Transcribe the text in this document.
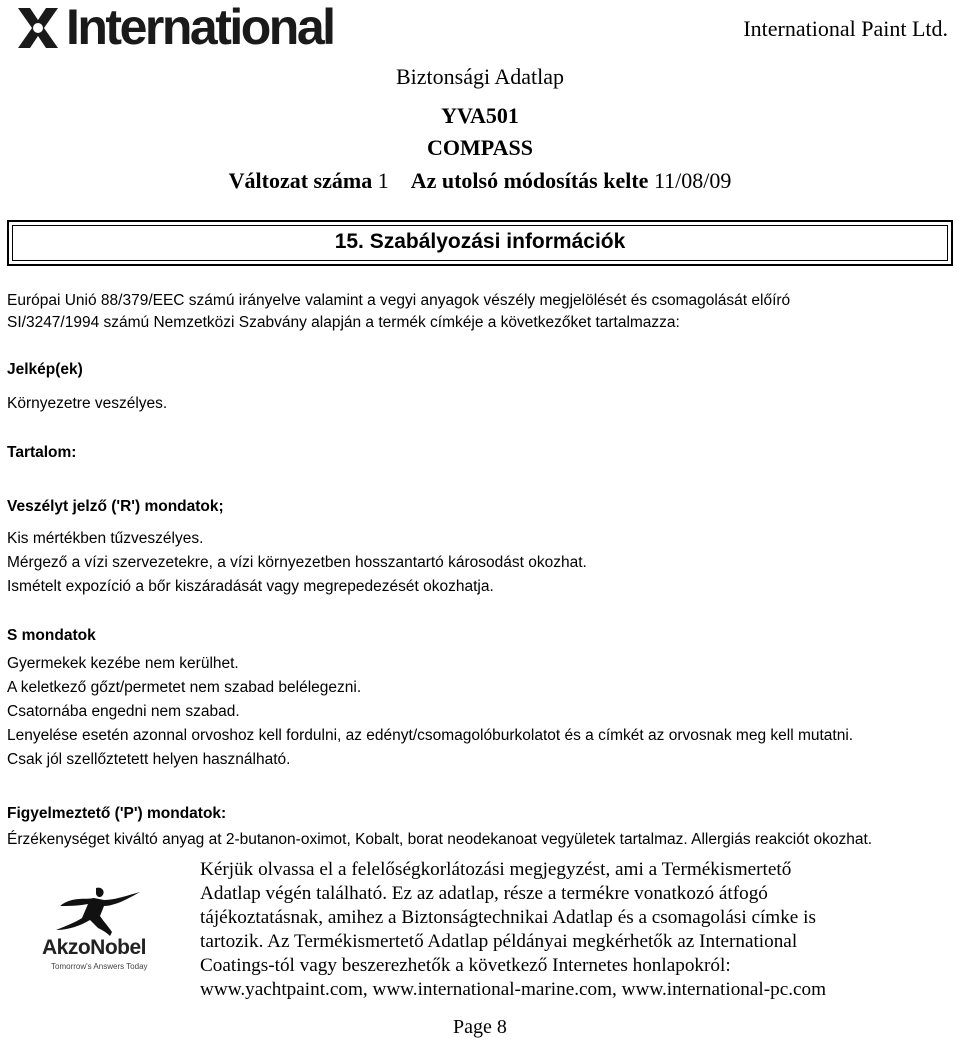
International	International Paint Ltd.
Biztonsági Adatlap
YVA501
COMPASS
Változat száma 1 Az utolsó módosítás kelte 11/08/09
15. Szabályozási információk
Európai Unió 88/379/EEC számú irányelve valamint a vegyi anyagok vészély megjelölését és csomagolását előíró
SI/3247/1994 számú Nemzetközi Szabvány alapján a termék címkéje a következőket tartalmazza:
Jelkép(ek)
Környezetre veszélyes.
Tartalom:
Veszélyt jelző ('R') mondatok;
Kis mértékben tűzveszélyes.
Mérgező a vízi szervezetekre, a vízi környezetben hosszantartó károsodást okozhat.
Ismételt expozíció a bőr kiszáradását vagy megrepedezését okozhatja.
S mondatok
Gyermekek kezébe nem kerülhet.
A keletkező gőzt/permetet nem szabad belélegezni.
Csatornába engedni nem szabad.
Lenyelése esetén azonnal orvoshoz kell fordulni, az edényt/csomagolóburkolatot és a címkét az orvosnak meg kell mutatni.
Csak jól szellőztetett helyen használható.
Figyelmeztető ('P') mondatok:
Érzékenységet kiváltó anyag at 2-butanon-oximot, Kobalt, borat neodekanoat vegyületek tartalmaz. Allergiás reakciót okozhat.
AkzoNobel
Tomorrow's Answers Today
Kérjük olvassa el a felelőségkorlátozási megjegyzést, ami a Termékismertető
Adatlap végén található. Ez az adatlap, része a termékre vonatkozó átfogó
tájékoztatásnak, amihez a Biztonságtechnikai Adatlap és a csomagolási címke is
tartozik. Az Termékismertető Adatlap példányai megkérhetők az International
Coatings-tól vagy beszerezhetők a következő Internetes honlapokról:
www.yachtpaint.com, www.international-marine.com, www.international-pc.com
Page 8
